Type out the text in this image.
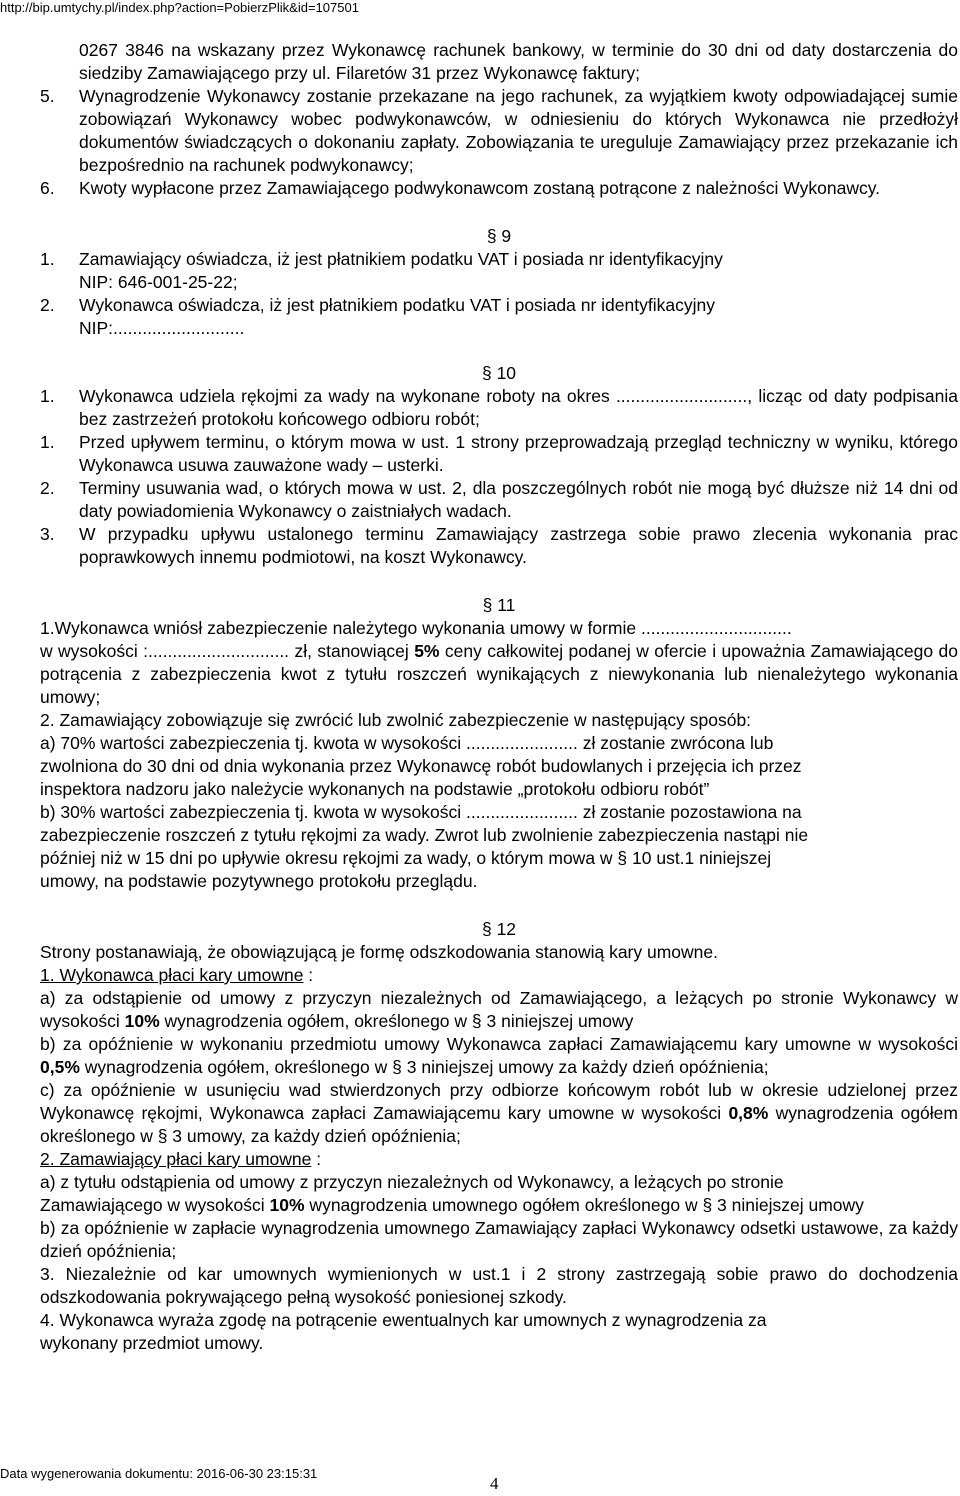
http://bip.umtychy.pl/index.php?action=PobierzPlik&id=107501
0267 3846 na wskazany przez Wykonawcę rachunek bankowy, w terminie do 30 dni od daty dostarczenia do siedziby Zamawiającego przy ul. Filaretów 31 przez Wykonawcę faktury;
5.	Wynagrodzenie Wykonawcy zostanie przekazane na jego rachunek, za wyjątkiem kwoty odpowiadającej sumie zobowiązań Wykonawcy wobec podwykonawców, w odniesieniu do których Wykonawca nie przedłożył dokumentów świadczących o dokonaniu zapłaty. Zobowiązania te ureguluje Zamawiający przez przekazanie ich bezpośrednio na rachunek podwykonawcy;
6.	Kwoty wypłacone przez Zamawiającego podwykonawcom zostaną potrącone z należności Wykonawcy.

§ 9

1.	Zamawiający oświadcza, iż jest płatnikiem podatku VAT i posiada nr identyfikacyjny
NIP: 646-001-25-22;
2.	Wykonawca oświadcza, iż jest płatnikiem podatku VAT i posiada nr identyfikacyjny
NIP:...........................

§ 10

1.	Wykonawca udziela rękojmi za wady na wykonane roboty na okres ..........................., licząc od daty podpisania bez zastrzeżeń protokołu końcowego odbioru robót;
1.	Przed upływem terminu, o którym mowa w ust. 1 strony przeprowadzają przegląd techniczny w wyniku, którego Wykonawca usuwa zauważone wady – usterki.
2.	Terminy usuwania wad, o których mowa w ust. 2, dla poszczególnych robót nie mogą być dłuższe niż 14 dni od daty powiadomienia Wykonawcy o zaistniałych wadach.
3.	W przypadku upływu ustalonego terminu Zamawiający zastrzega sobie prawo zlecenia wykonania prac poprawkowych innemu podmiotowi, na koszt Wykonawcy.

§ 11

1.Wykonawca wniósł zabezpieczenie należytego wykonania umowy w formie ...............................

w wysokości :............................. zł, stanowiącej 5% ceny całkowitej podanej w ofercie i upoważnia Zamawiającego do potrącenia z zabezpieczenia kwot z tytułu roszczeń wynikających z niewykonania lub nienależytego wykonania umowy;

2. Zamawiający zobowiązuje się zwrócić lub zwolnić zabezpieczenie w następujący sposób:

a) 70% wartości zabezpieczenia tj. kwota w wysokości ....................... zł zostanie zwrócona lub
zwolniona do 30 dni od dnia wykonania przez Wykonawcę robót budowlanych i przejęcia ich przez
inspektora nadzoru jako należycie wykonanych na podstawie „protokołu odbioru robót”
b) 30% wartości zabezpieczenia tj. kwota w wysokości ....................... zł zostanie pozostawiona na
zabezpieczenie roszczeń z tytułu rękojmi za wady. Zwrot lub zwolnienie zabezpieczenia nastąpi nie
później niż w 15 dni po upływie okresu rękojmi za wady, o którym mowa w § 10 ust.1 niniejszej
umowy, na podstawie pozytywnego protokołu przeglądu.

§ 12

Strony postanawiają, że obowiązującą je formę odszkodowania stanowią kary umowne.

1. Wykonawca płaci kary umowne :

a) za odstąpienie od umowy z przyczyn niezależnych od Zamawiającego, a leżących po stronie Wykonawcy w wysokości 10% wynagrodzenia ogółem, określonego w § 3 niniejszej umowy

b) za opóźnienie w wykonaniu przedmiotu umowy Wykonawca zapłaci Zamawiającemu kary umowne w wysokości 0,5% wynagrodzenia ogółem, określonego w § 3 niniejszej umowy za każdy dzień opóźnienia;

c) za opóźnienie w usunięciu wad stwierdzonych przy odbiorze końcowym robót lub w okresie udzielonej przez Wykonawcę rękojmi, Wykonawca zapłaci Zamawiającemu kary umowne w wysokości 0,8% wynagrodzenia ogółem określonego w § 3 umowy, za każdy dzień opóźnienia;

2. Zamawiający płaci kary umowne :

a) z tytułu odstąpienia od umowy z przyczyn niezależnych od Wykonawcy, a leżących po stronie

Zamawiającego w wysokości 10% wynagrodzenia umownego ogółem określonego w § 3 niniejszej umowy

b) za opóźnienie w zapłacie wynagrodzenia umownego Zamawiający zapłaci Wykonawcy odsetki ustawowe, za każdy dzień opóźnienia;

3. Niezależnie od kar umownych wymienionych w ust.1 i 2 strony zastrzegają sobie prawo do dochodzenia odszkodowania pokrywającego pełną wysokość poniesionej szkody.

4. Wykonawca wyraża zgodę na potrącenie ewentualnych kar umownych z wynagrodzenia za
wykonany przedmiot umowy.
Data wygenerowania dokumentu: 2016-06-30 23:15:31
4
